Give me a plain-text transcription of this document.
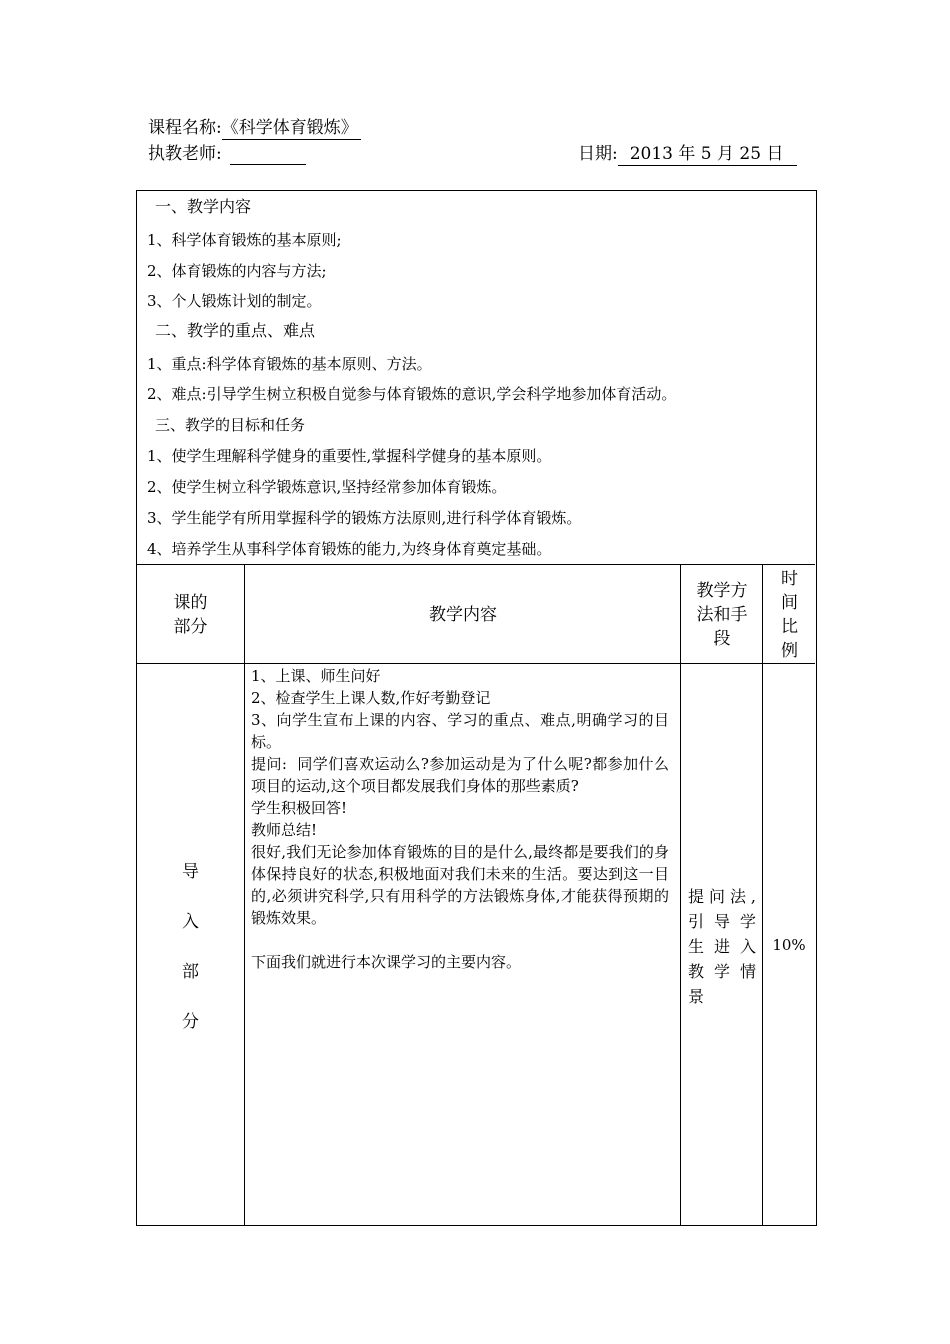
课程名称:《科学体育锻炼》
执教老师:	日期: 2013 年 5 月 25 日
一、教学内容
1、科学体育锻炼的基本原则;
2、体育锻炼的内容与方法;
3、个人锻炼计划的制定。
二、教学的重点、难点
1、重点:科学体育锻炼的基本原则、方法。
2、难点:引导学生树立积极自觉参与体育锻炼的意识,学会科学地参加体育活动。
三、教学的目标和任务
1、使学生理解科学健身的重要性,掌握科学健身的基本原则。
2、使学生树立科学锻炼意识,坚持经常参加体育锻炼。
3、学生能学有所用掌握科学的锻炼方法原则,进行科学体育锻炼。
4、培养学生从事科学体育锻炼的能力,为终身体育奠定基础。
课的
部分
教学内容
教学方
法和手
段
时
间
比
例
导
入
部
分

1、上课、师生问好

2、检查学生上课人数,作好考勤登记

3、向学生宣布上课的内容、学习的重点、难点,明确学习的目标。

提问:  同学们喜欢运动么?参加运动是为了什么呢?都参加什么项目的运动,这个项目都发展我们身体的那些素质?

学生积极回答!

教师总结!

很好,我们无论参加体育锻炼的目的是什么,最终都是要我们的身体保持良好的状态,积极地面对我们未来的生活。要达到这一目的,必须讲究科学,只有用科学的方法锻炼身体,才能获得预期的锻炼效果。

下面我们就进行本次课学习的主要内容。

提问法,

引导学

生进入

教学情

景

10%
